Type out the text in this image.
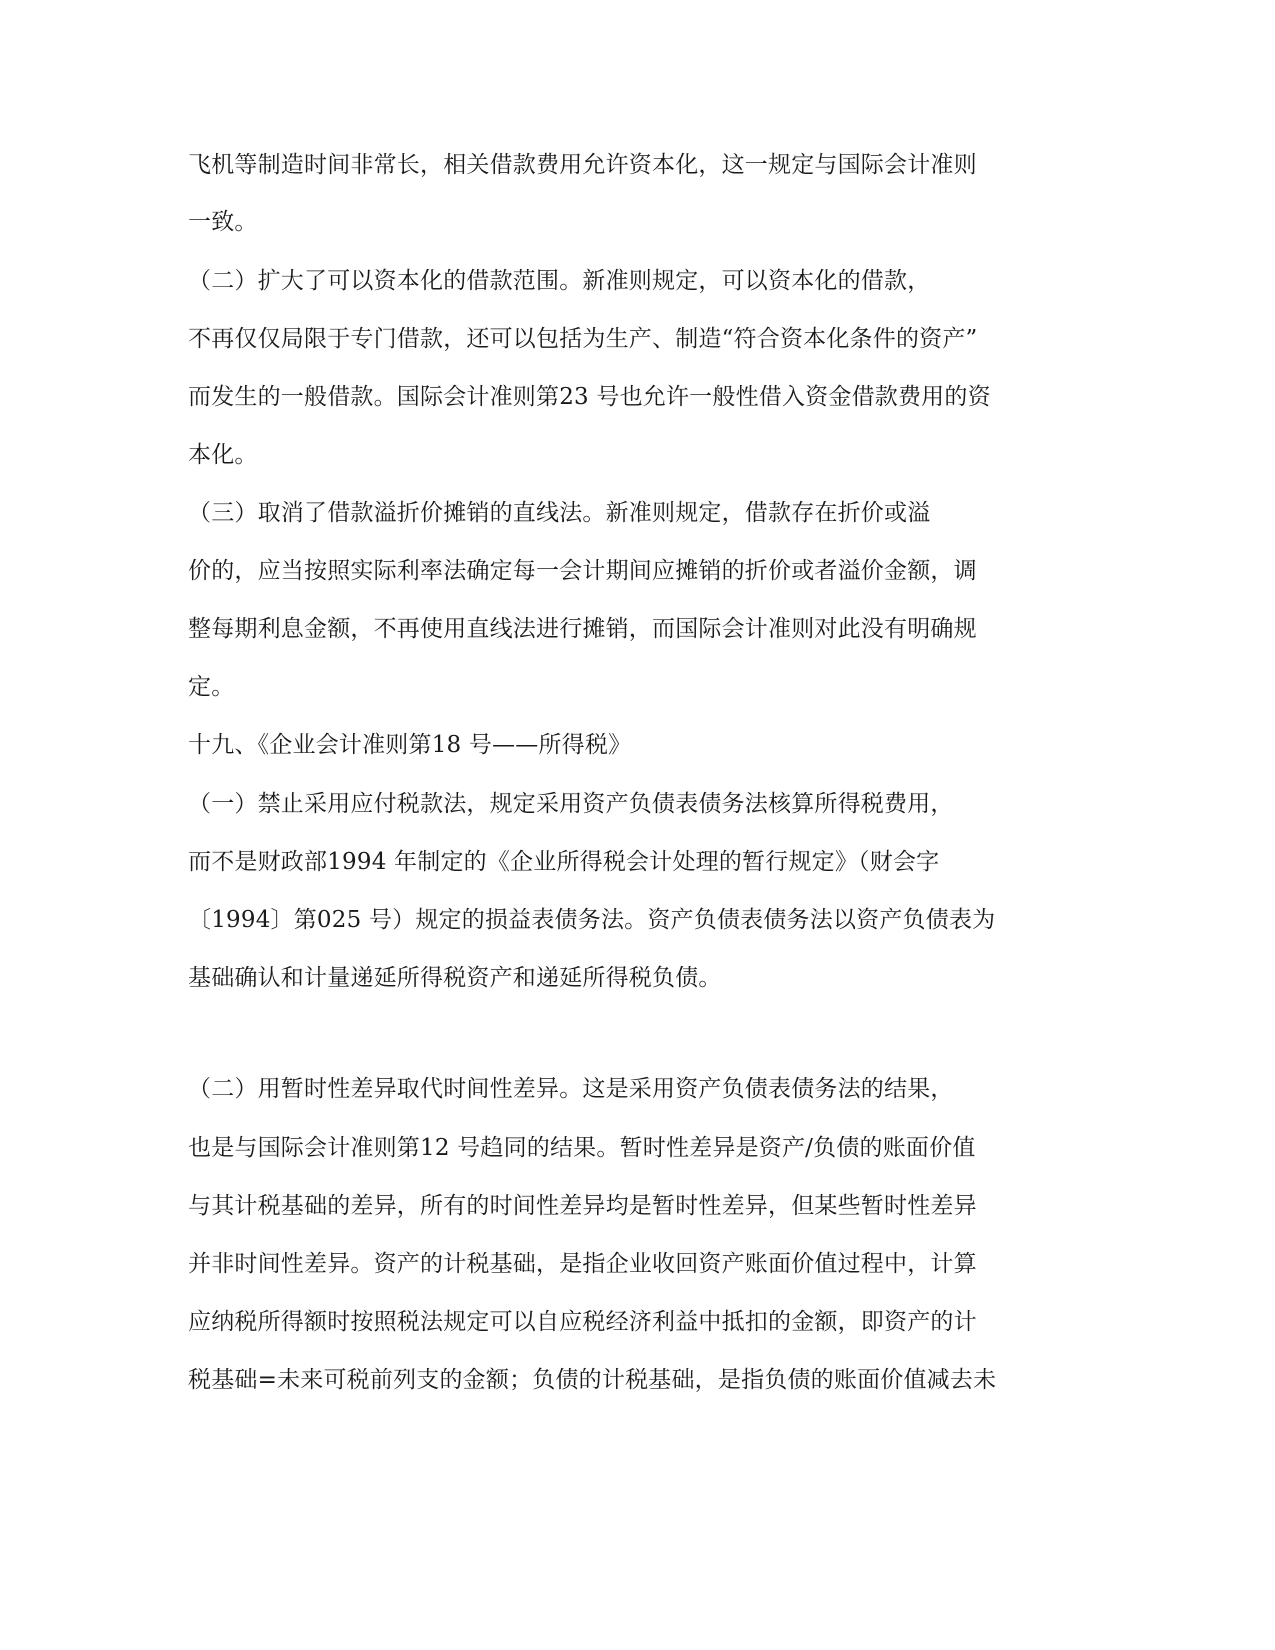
飞机等制造时间非常长，相关借款费用允许资本化，这一规定与国际会计准则
一致。
（二）扩大了可以资本化的借款范围。新准则规定，可以资本化的借款，
不再仅仅局限于专门借款，还可以包括为生产、制造“符合资本化条件的资产”
而发生的一般借款。国际会计准则第23 号也允许一般性借入资金借款费用的资
本化。
（三）取消了借款溢折价摊销的直线法。新准则规定，借款存在折价或溢
价的，应当按照实际利率法确定每一会计期间应摊销的折价或者溢价金额，调
整每期利息金额，不再使用直线法进行摊销，而国际会计准则对此没有明确规
定。
十九、《企业会计准则第18 号——所得税》
（一）禁止采用应付税款法，规定采用资产负债表债务法核算所得税费用，
而不是财政部1994 年制定的《企业所得税会计处理的暂行规定》（财会字
〔1994〕第025 号）规定的损益表债务法。资产负债表债务法以资产负债表为
基础确认和计量递延所得税资产和递延所得税负债。
（二）用暂时性差异取代时间性差异。这是采用资产负债表债务法的结果，
也是与国际会计准则第12 号趋同的结果。暂时性差异是资产/负债的账面价值
与其计税基础的差异，所有的时间性差异均是暂时性差异，但某些暂时性差异
并非时间性差异。资产的计税基础，是指企业收回资产账面价值过程中，计算
应纳税所得额时按照税法规定可以自应税经济利益中抵扣的金额，即资产的计
税基础=未来可税前列支的金额；负债的计税基础，是指负债的账面价值减去未
